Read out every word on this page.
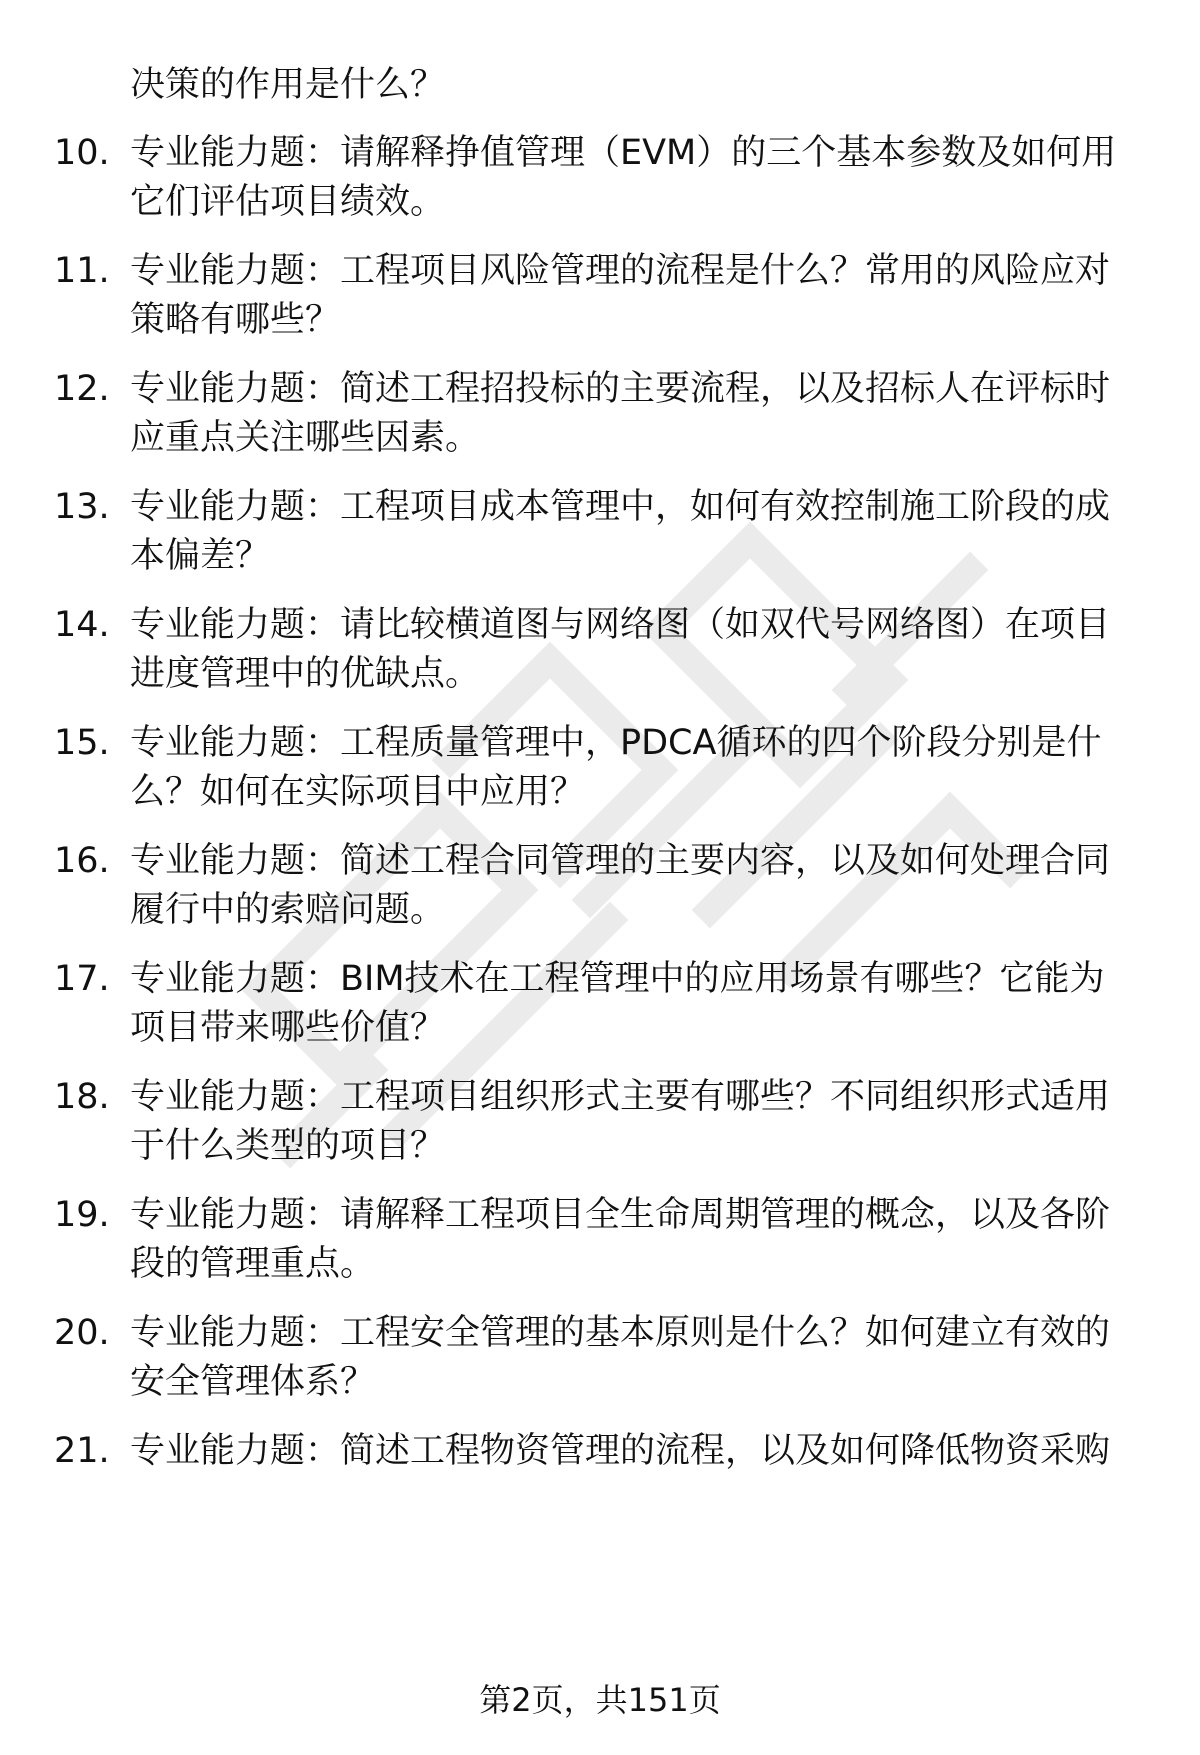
决策的作用是什么？
10. 专业能力题：请解释挣值管理（EVM）的三个基本参数及如何用
它们评估项目绩效。
11. 专业能力题：工程项目风险管理的流程是什么？常用的风险应对
策略有哪些？
12. 专业能力题：简述工程招投标的主要流程，以及招标人在评标时
应重点关注哪些因素。
13. 专业能力题：工程项目成本管理中，如何有效控制施工阶段的成
本偏差？
14. 专业能力题：请比较横道图与网络图（如双代号网络图）在项目
进度管理中的优缺点。
15. 专业能力题：工程质量管理中，PDCA循环的四个阶段分别是什
么？如何在实际项目中应用？
16. 专业能力题：简述工程合同管理的主要内容，以及如何处理合同
履行中的索赔问题。
17. 专业能力题：BIM技术在工程管理中的应用场景有哪些？它能为
项目带来哪些价值？
18. 专业能力题：工程项目组织形式主要有哪些？不同组织形式适用
于什么类型的项目？
19. 专业能力题：请解释工程项目全生命周期管理的概念，以及各阶
段的管理重点。
20. 专业能力题：工程安全管理的基本原则是什么？如何建立有效的
安全管理体系？
21. 专业能力题：简述工程物资管理的流程，以及如何降低物资采购
第2页，共151页
